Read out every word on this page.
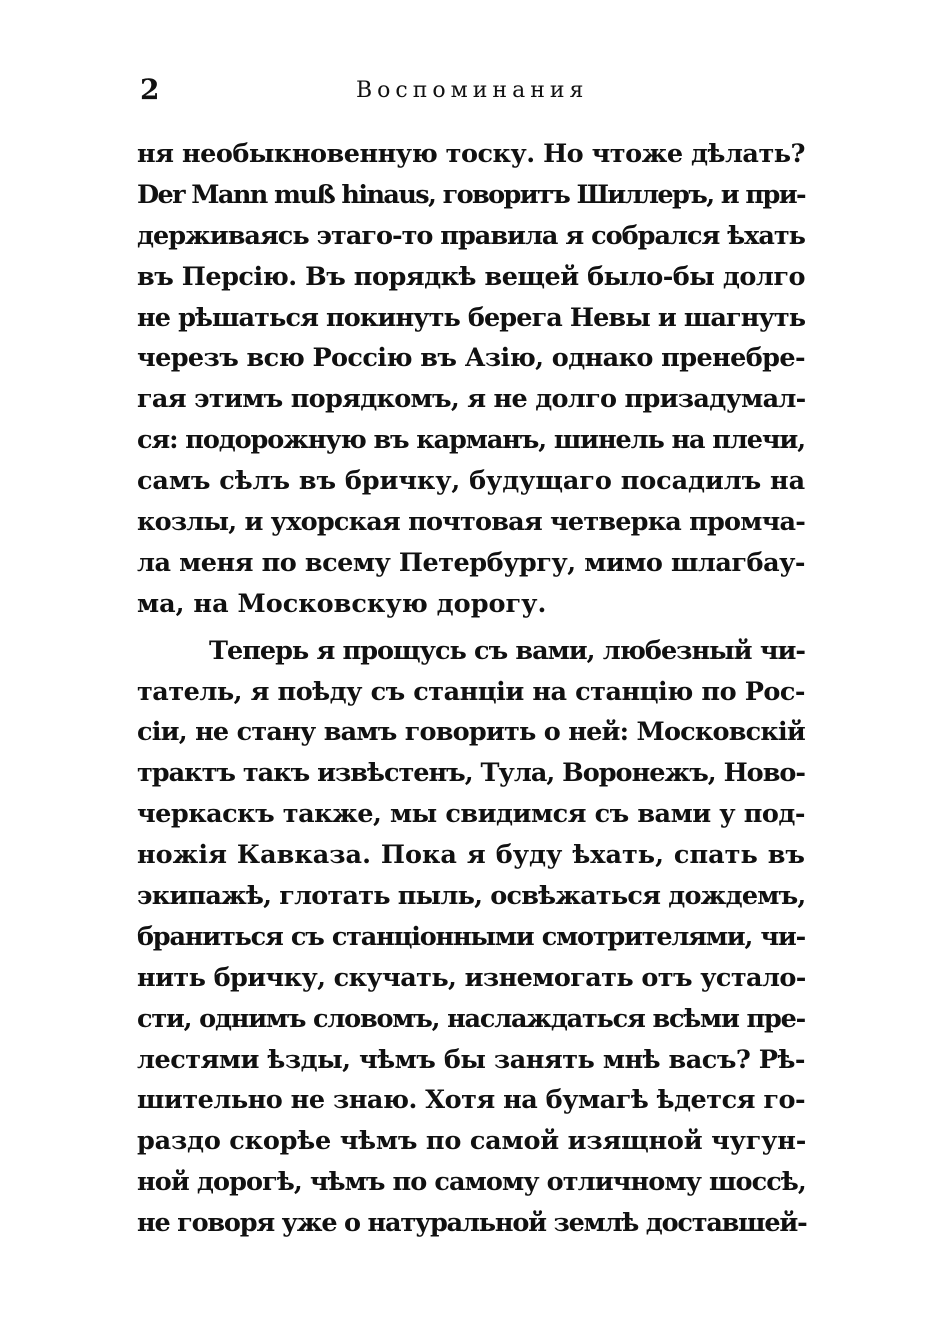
2	Воспоминания
ня необыкновенную тоску. Но чтоже дѣлать?
Der Mann muß hinaus, говоритъ Шиллеръ, и при-
держиваясь этаго-то правила я собрался ѣхать
въ Персію. Въ порядкѣ вещей было-бы долго
не рѣшаться покинуть берега Невы и шагнуть
черезъ всю Россію въ Азію, однако пренебре-
гая этимъ порядкомъ, я не долго призадумал-
ся: подорожную въ карманъ, шинель на плечи,
самъ сѣлъ въ бричку, будущаго посадилъ на
козлы, и ухорская почтовая четверка промча-
ла меня по всему Петербургу, мимо шлагбау-
ма, на Московскую дорогу.
Теперь я прощусь съ вами, любезный чи-
татель, я поѣду съ станціи на станцію по Рос-
сіи, не стану вамъ говорить о ней: Московскій
трактъ такъ извѣстенъ, Тула, Воронежъ, Ново-
черкаскъ также, мы свидимся съ вами у под-
ножія Кавказа. Пока я буду ѣхать, спать въ
экипажѣ, глотать пыль, освѣжаться дождемъ,
браниться съ станціонными смотрителями, чи-
нить бричку, скучать, изнемогать отъ устало-
сти, однимъ словомъ, наслаждаться всѣми пре-
лестями ѣзды, чѣмъ бы занять мнѣ васъ? Рѣ-
шительно не знаю. Хотя на бумагѣ ѣдется го-
раздо скорѣе чѣмъ по самой изящной чугун-
ной дорогѣ, чѣмъ по самому отличному шоссѣ,
не говоря уже о натуральной землѣ доставшей-
